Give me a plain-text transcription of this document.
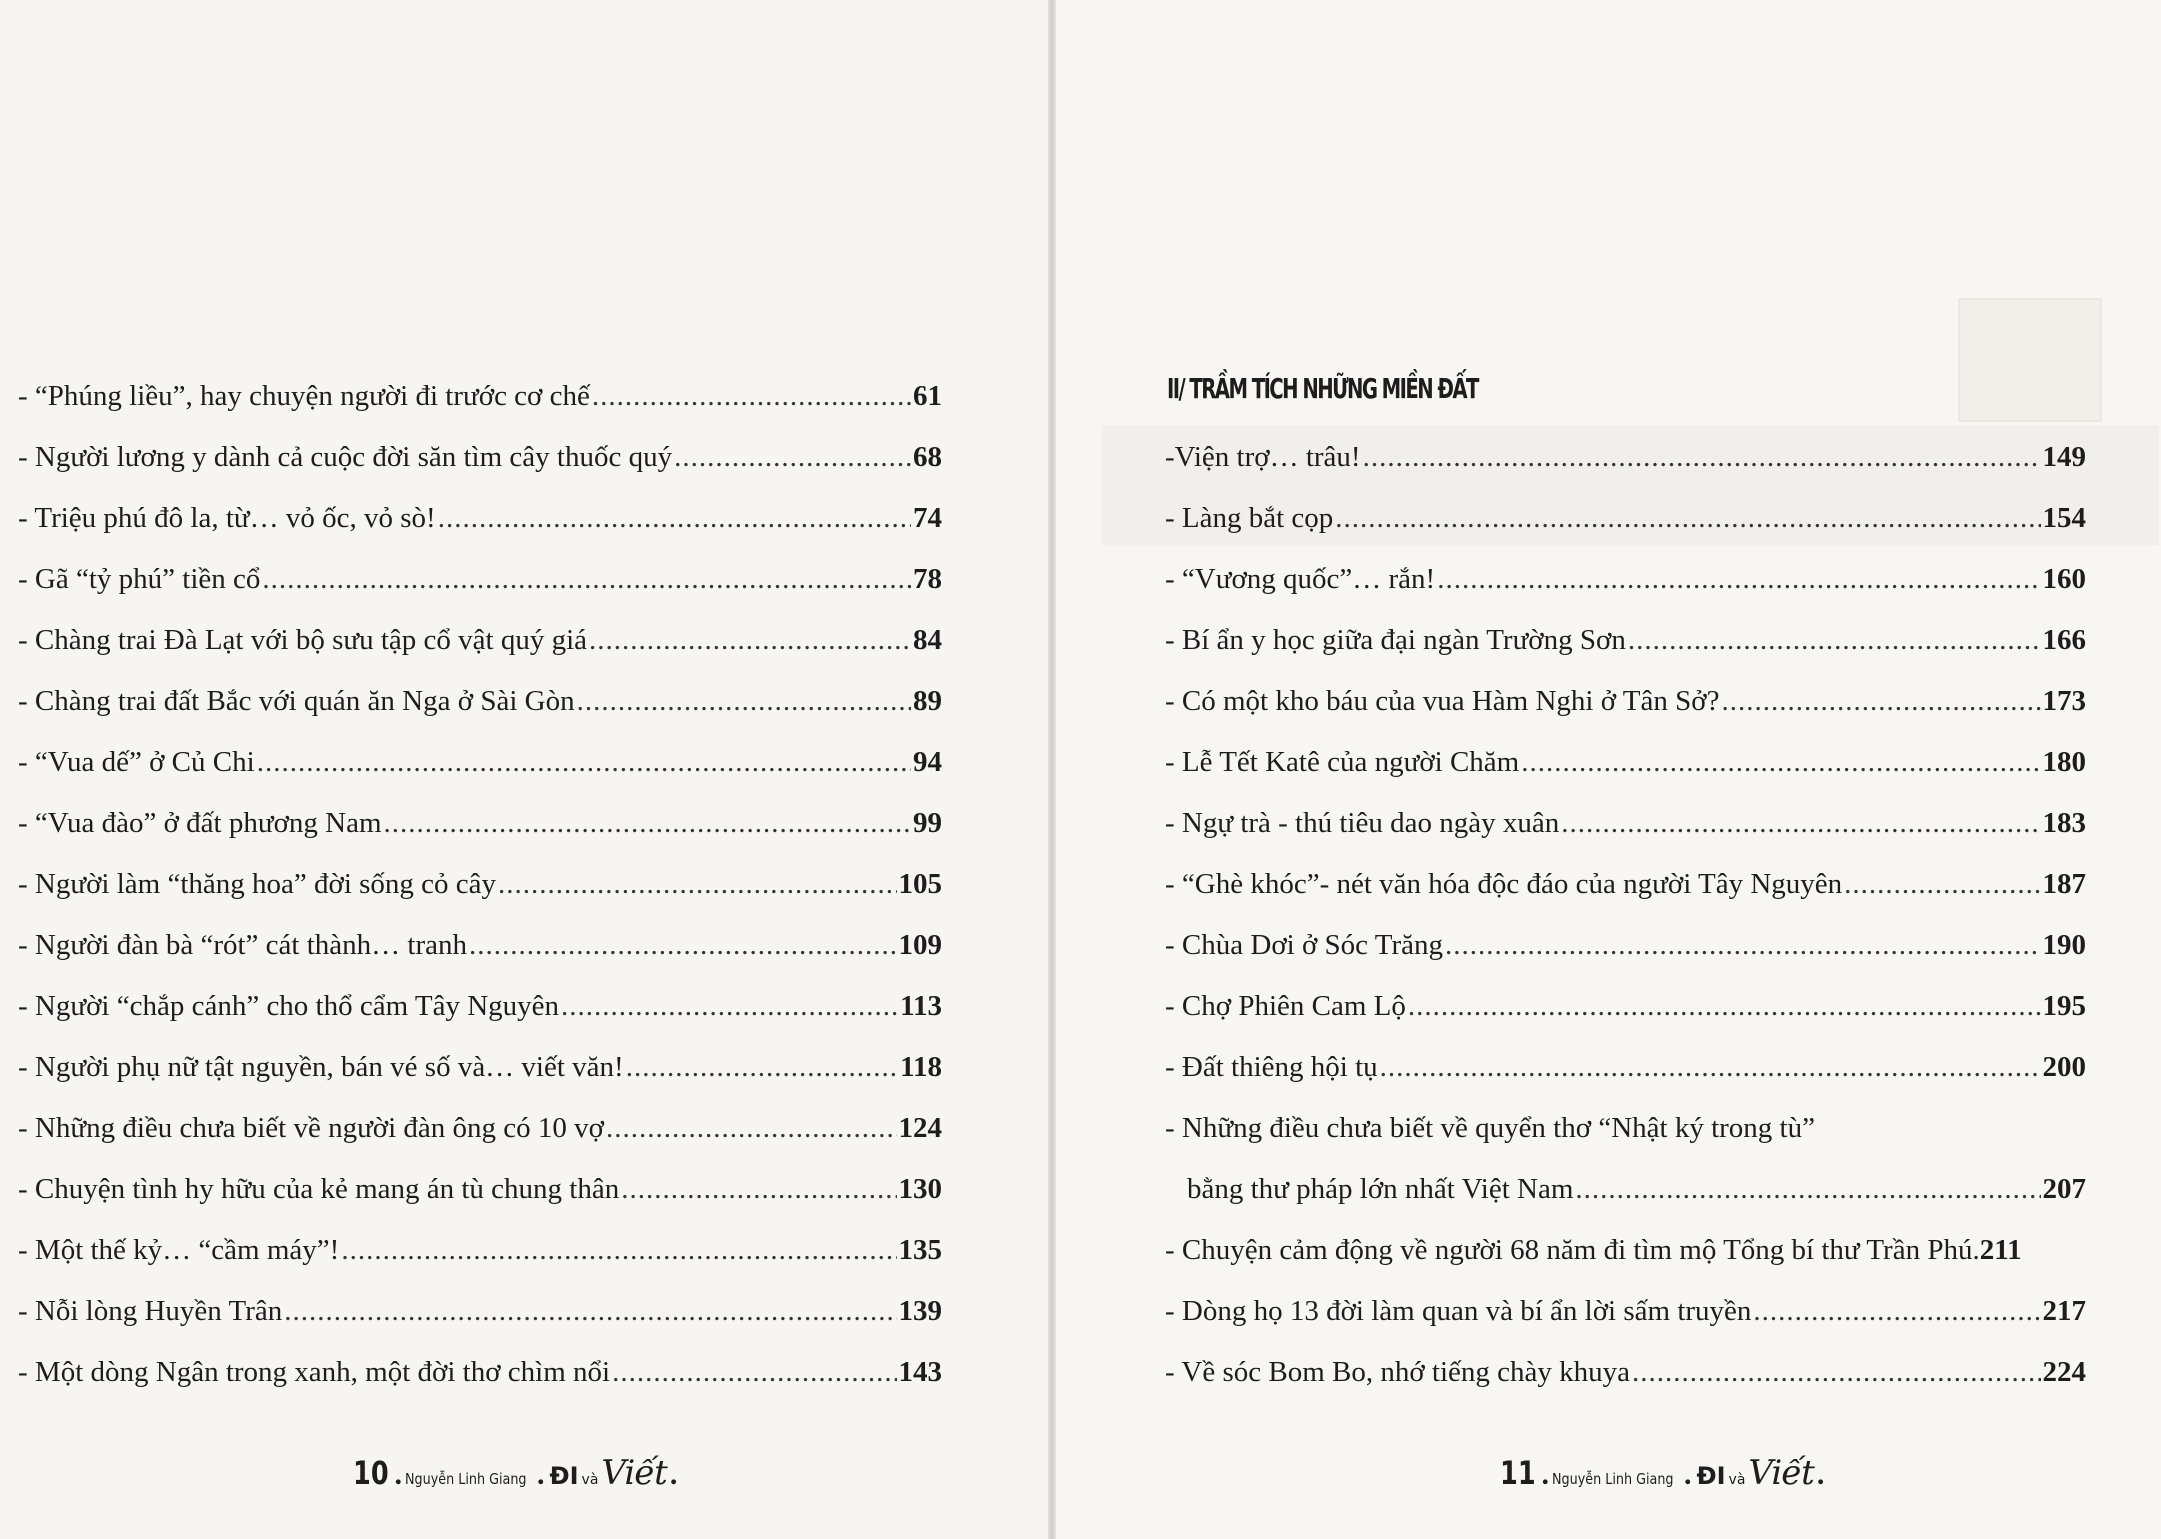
- “Phúng liều”, hay chuyện người đi trước cơ chế .....	61
- Người lương y dành cả cuộc đời săn tìm cây thuốc quý .....	68
- Triệu phú đô la, từ… vỏ ốc, vỏ sò! .....	74
- Gã “tỷ phú” tiền cổ .....	78
- Chàng trai Đà Lạt với bộ sưu tập cổ vật quý giá .....	84
- Chàng trai đất Bắc với quán ăn Nga ở Sài Gòn .....	89
- “Vua dế” ở Củ Chi .....	94
- “Vua đào” ở đất phương Nam .....	99
- Người làm “thăng hoa” đời sống cỏ cây .....	105
- Người đàn bà “rót” cát thành… tranh .....	109
- Người “chắp cánh” cho thổ cẩm Tây Nguyên .....	113
- Người phụ nữ tật nguyền, bán vé số và… viết văn! .....	118
- Những điều chưa biết về người đàn ông có 10 vợ .....	124
- Chuyện tình hy hữu của kẻ mang án tù chung thân .....	130
- Một thế kỷ… “cầm máy”! .....	135
- Nỗi lòng Huyền Trân .....	139
- Một dòng Ngân trong xanh, một đời thơ chìm nổi .....	143
II/ TRẦM TÍCH NHỮNG MIỀN ĐẤT
-Viện trợ… trâu! .....	149
- Làng bắt cọp .....	154
- “Vương quốc”… rắn! .....	160
- Bí ẩn y học giữa đại ngàn Trường Sơn .....	166
- Có một kho báu của vua Hàm Nghi ở Tân Sở? .....	173
- Lễ Tết Katê của người Chăm .....	180
- Ngự trà - thú tiêu dao ngày xuân .....	183
- “Ghè khóc”- nét văn hóa độc đáo của người Tây Nguyên .....	187
- Chùa Dơi ở Sóc Trăng .....	190
- Chợ Phiên Cam Lộ .....	195
- Đất thiêng hội tụ .....	200
- Những điều chưa biết về quyển thơ “Nhật ký trong tù”
bằng thư pháp lớn nhất Việt Nam .....	207
- Chuyện cảm động về người 68 năm đi tìm mộ Tổng bí thư Trần Phú. 211
- Dòng họ 13 đời làm quan và bí ẩn lời sấm truyền .....	217
- Về sóc Bom Bo, nhớ tiếng chày khuya .....	224
10 . Nguyễn Linh Giang . ĐI và Viết .	11 . Nguyễn Linh Giang . ĐI và Viết .
